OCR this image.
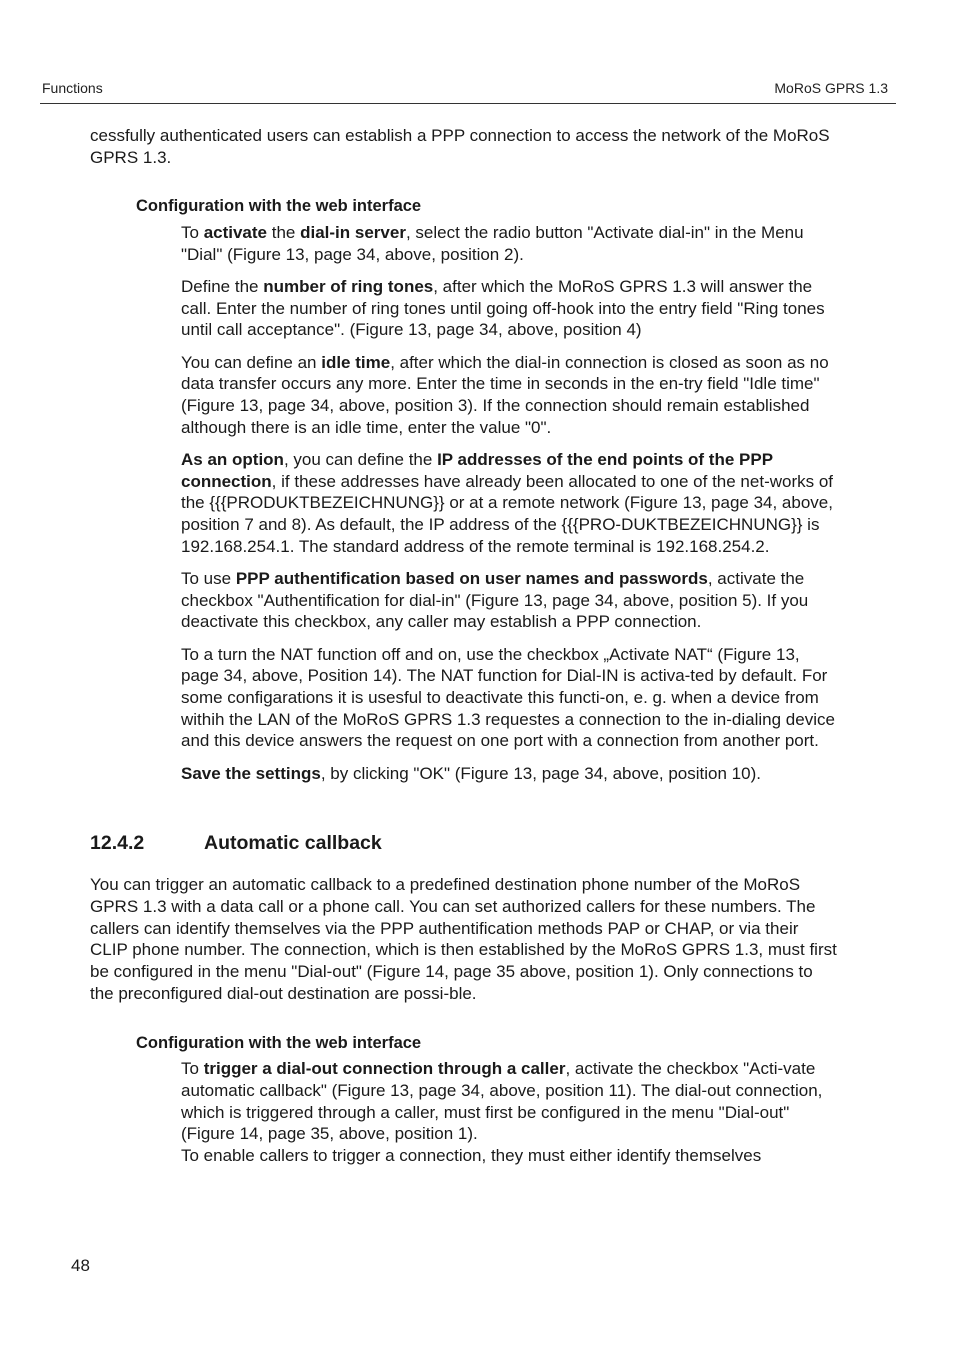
Functions	MoRoS GPRS 1.3

cessfully authenticated users can establish a PPP connection to access the network of the MoRoS GPRS 1.3.

Configuration with the web interface

To activate the dial-in server, select the radio button "Activate dial-in" in the Menu "Dial" (Figure 13, page 34, above, position 2).

Define the number of ring tones, after which the MoRoS GPRS 1.3 will answer the call. Enter the number of ring tones until going off-hook into the entry field "Ring tones until call acceptance". (Figure 13, page 34, above, position 4)

You can define an idle time, after which the dial-in connection is closed as soon as no data transfer occurs any more. Enter the time in seconds in the en-try field "Idle time" (Figure 13, page 34, above, position 3). If the connection should remain established although there is an idle time, enter the value "0".

As an option, you can define the IP addresses of the end points of the PPP connection, if these addresses have already been allocated to one of the net-works of the {{{PRODUKTBEZEICHNUNG}} or at a remote network (Figure 13, page 34, above, position 7 and 8). As default, the IP address of the {{{PRO-DUKTBEZEICHNUNG}} is 192.168.254.1. The standard address of the remote terminal is 192.168.254.2.

To use PPP authentification based on user names and passwords, activate the checkbox "Authentification for dial-in" (Figure 13, page 34, above, position 5). If you deactivate this checkbox, any caller may establish a PPP connection.

To a turn the NAT function off and on, use the checkbox „Activate NAT“ (Figure 13, page 34, above, Position 14). The NAT function for Dial-IN is activa-ted by default. For some configarations it is usesful to deactivate this functi-on, e. g. when a device from withih the LAN of the MoRoS GPRS 1.3 requestes a connection to the in-dialing device and this device answers the request on one port with a connection from another port.

Save the settings, by clicking "OK" (Figure 13, page 34, above, position 10).

12.4.2	Automatic callback

You can trigger an automatic callback to a predefined destination phone number of the MoRoS GPRS 1.3 with a data call or a phone call. You can set authorized callers for these numbers. The callers can identify themselves via the PPP authentification methods PAP or CHAP, or via their CLIP phone number. The connection, which is then established by the MoRoS GPRS 1.3, must first be configured in the menu "Dial-out" (Figure 14, page 35 above, position 1). Only connections to the preconfigured dial-out destination are possi-ble.

Configuration with the web interface

To trigger a dial-out connection through a caller, activate the checkbox "Acti-vate automatic callback" (Figure 13, page 34, above, position 11). The dial-out connection, which is triggered through a caller, must first be configured in the menu "Dial-out" (Figure 14, page 35, above, position 1).

To enable callers to trigger a connection, they must either identify themselves

48
